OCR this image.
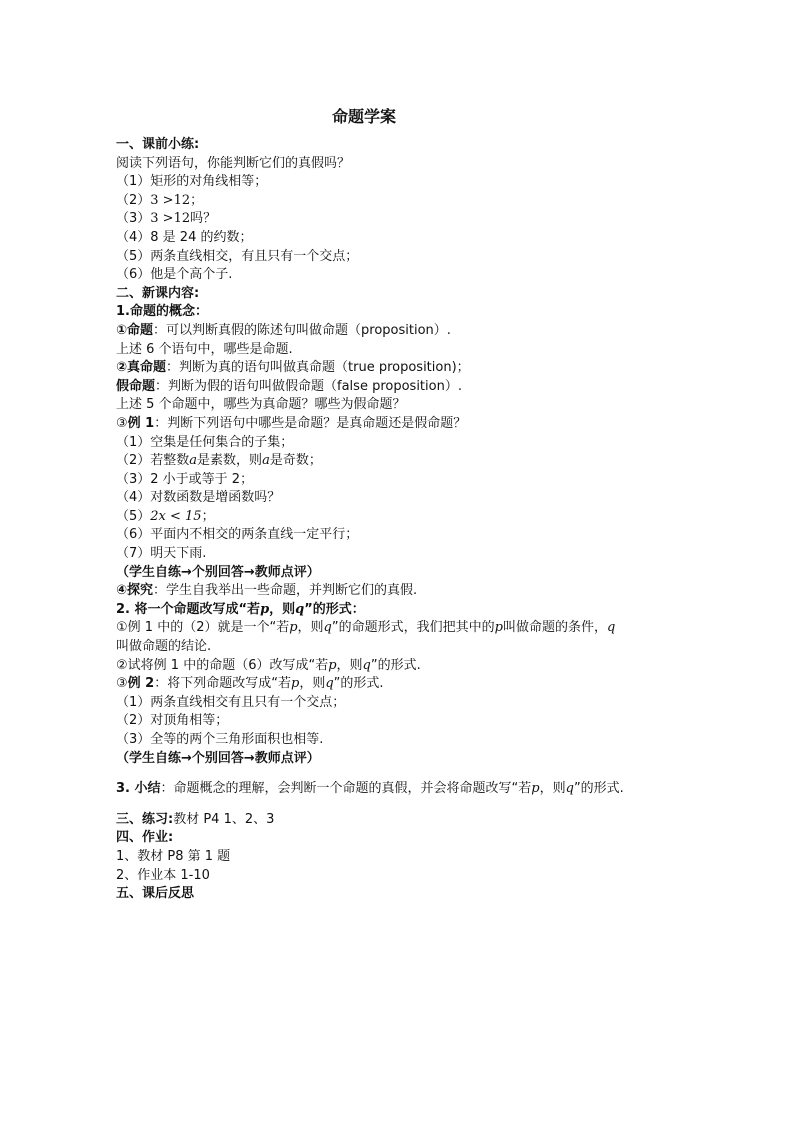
命题学案
一、课前小练:
阅读下列语句，你能判断它们的真假吗？
（1）矩形的对角线相等；
（2）3 >12；
（3）3 >12吗？
（4）8 是 24 的约数；
（5）两条直线相交，有且只有一个交点；
（6）他是个高个子.
二、新课内容:
1.命题的概念：
①命题：可以判断真假的陈述句叫做命题（proposition）.
上述 6 个语句中，哪些是命题.
②真命题：判断为真的语句叫做真命题（true proposition)；
假命题：判断为假的语句叫做假命题（false proposition）.
上述 5 个命题中，哪些为真命题？哪些为假命题？
③例 1：判断下列语句中哪些是命题？是真命题还是假命题？
（1）空集是任何集合的子集；
（2）若整数a是素数，则a是奇数；
（3）2 小于或等于 2；
（4）对数函数是增函数吗？
（5）2x < 15；
（6）平面内不相交的两条直线一定平行；
（7）明天下雨.
（学生自练→个别回答→教师点评）
④探究：学生自我举出一些命题，并判断它们的真假.
2. 将一个命题改写成“若p，则q”的形式：
①例 1 中的（2）就是一个“若p，则q”的命题形式，我们把其中的p叫做命题的条件，q
叫做命题的结论.
②试将例 1 中的命题（6）改写成“若p，则q”的形式.
③例 2：将下列命题改写成“若p，则q”的形式.
（1）两条直线相交有且只有一个交点；
（2）对顶角相等；
（3）全等的两个三角形面积也相等.
（学生自练→个别回答→教师点评）
3. 小结：命题概念的理解，会判断一个命题的真假，并会将命题改写“若p，则q”的形式.
三、练习:教材 P4 1、2、3
四、作业:
1、教材 P8 第 1 题
2、作业本 1-10
五、课后反思
